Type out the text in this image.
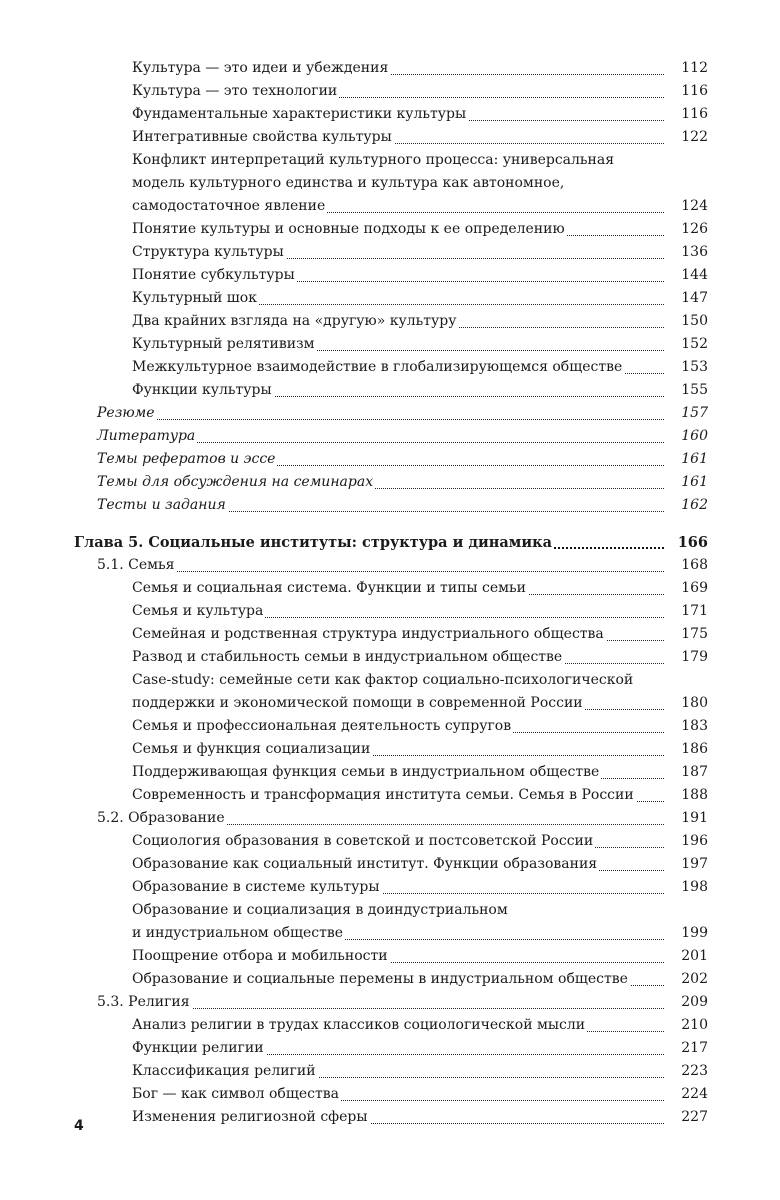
Культура — это идеи и убеждения	112
Культура — это технологии	116
Фундаментальные характеристики культуры	116
Интегративные свойства культуры	122
Конфликт интерпретаций культурного процесса: универсальная
модель культурного единства и культура как автономное,
самодостаточное явление	124
Понятие культуры и основные подходы к ее определению	126
Структура культуры	136
Понятие субкультуры	144
Культурный шок	147
Два крайних взгляда на «другую» культуру	150
Культурный релятивизм	152
Межкультурное взаимодействие в глобализирующемся обществе	153
Функции культуры	155
Резюме	157
Литература	160
Темы рефератов и эссе	161
Темы для обсуждения на семинарах	161
Тесты и задания	162
Глава 5. Социальные институты: структура и динамика	166
5.1. Семья	168
Семья и социальная система. Функции и типы семьи	169
Семья и культура	171
Семейная и родственная структура индустриального общества	175
Развод и стабильность семьи в индустриальном обществе	179
Case-study: семейные сети как фактор социально-психологической
поддержки и экономической помощи в современной России	180
Семья и профессиональная деятельность супругов	183
Семья и функция социализации	186
Поддерживающая функция семьи в индустриальном обществе	187
Современность и трансформация института семьи. Семья в России	188
5.2. Образование	191
Социология образования в советской и постсоветской России	196
Образование как социальный институт. Функции образования	197
Образование в системе культуры	198
Образование и социализация в доиндустриальном
и индустриальном обществе	199
Поощрение отбора и мобильности	201
Образование и социальные перемены в индустриальном обществе	202
5.3. Религия	209
Анализ религии в трудах классиков социологической мысли	210
Функции религии	217
Классификация религий	223
Бог — как символ общества	224
Изменения религиозной сферы	227
4
